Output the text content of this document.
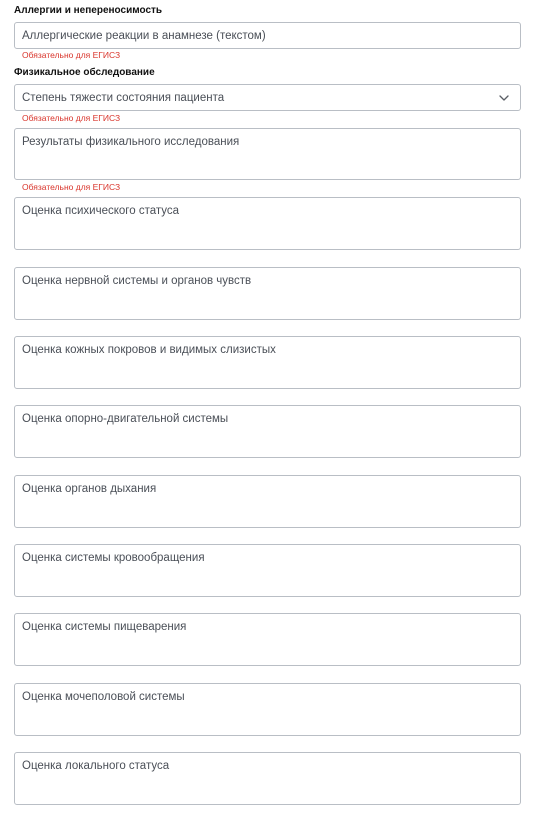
Аллергии и непереносимость
Аллергические реакции в анамнезе (текстом)
Обязательно для ЕГИСЗ
Физикальное обследование
Степень тяжести состояния пациента
Обязательно для ЕГИСЗ
Результаты физикального исследования
Обязательно для ЕГИСЗ
Оценка психического статуса
Оценка нервной системы и органов чувств
Оценка кожных покровов и видимых слизистых
Оценка опорно-двигательной системы
Оценка органов дыхания
Оценка системы кровообращения
Оценка системы пищеварения
Оценка мочеполовой системы
Оценка локального статуса
